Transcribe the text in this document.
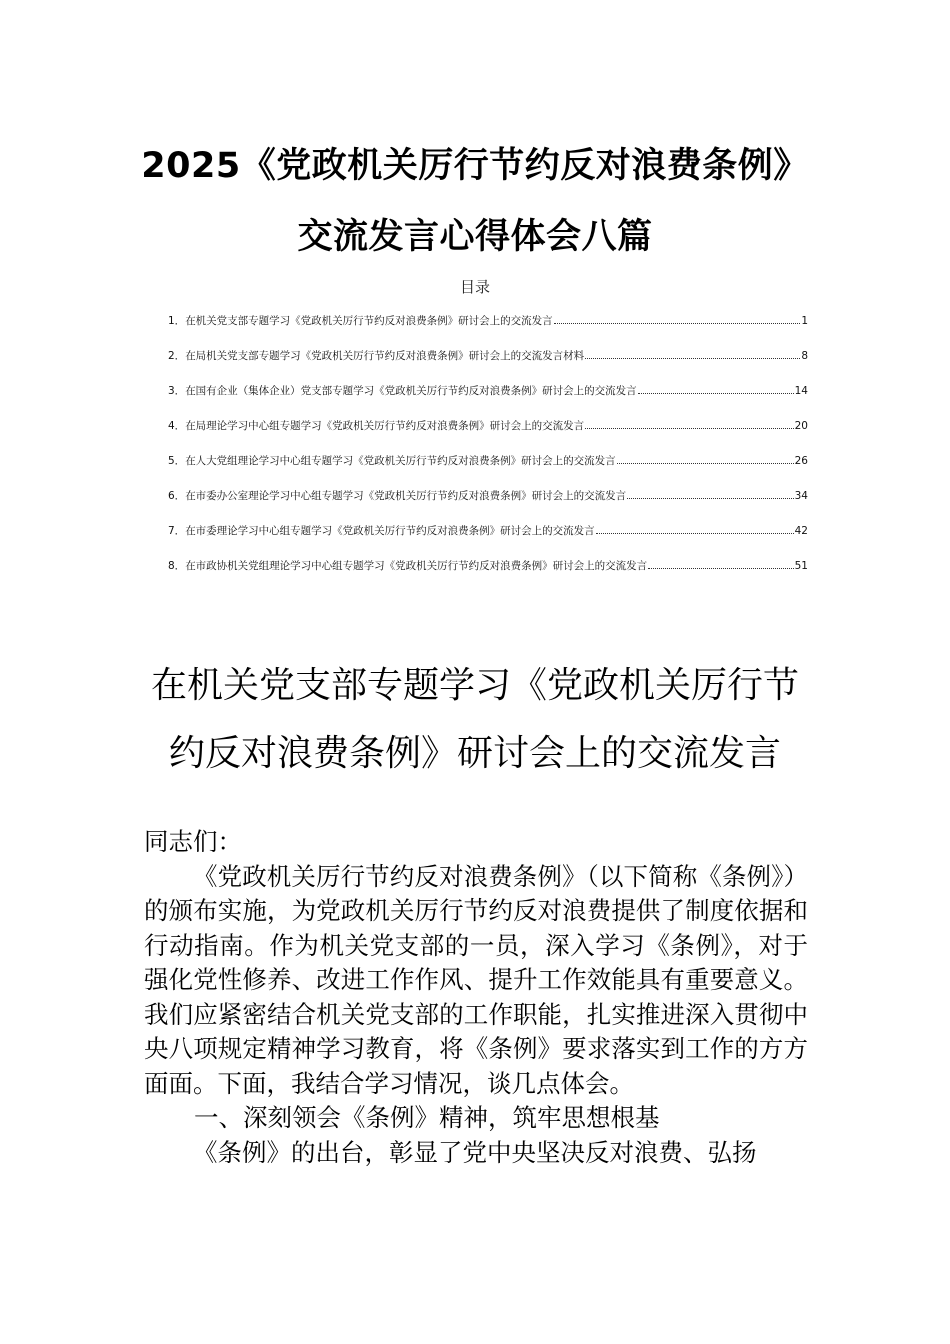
2025《党政机关厉行节约反对浪费条例》
交流发言心得体会八篇
目录
1． 在机关党支部专题学习《党政机关厉行节约反对浪费条例》研讨会上的交流发言	1
2． 在局机关党支部专题学习《党政机关厉行节约反对浪费条例》研讨会上的交流发言材料	8
3． 在国有企业（集体企业）党支部专题学习《党政机关厉行节约反对浪费条例》研讨会上的交流发言	14
4． 在局理论学习中心组专题学习《党政机关厉行节约反对浪费条例》研讨会上的交流发言	20
5． 在人大党组理论学习中心组专题学习《党政机关厉行节约反对浪费条例》研讨会上的交流发言	26
6． 在市委办公室理论学习中心组专题学习《党政机关厉行节约反对浪费条例》研讨会上的交流发言	34
7． 在市委理论学习中心组专题学习《党政机关厉行节约反对浪费条例》研讨会上的交流发言	42
8． 在市政协机关党组理论学习中心组专题学习《党政机关厉行节约反对浪费条例》研讨会上的交流发言	51
在机关党支部专题学习《党政机关厉行节
约反对浪费条例》研讨会上的交流发言

同志们：

《党政机关厉行节约反对浪费条例》（以下简称《条例》）的颁布实施，为党政机关厉行节约反对浪费提供了制度依据和行动指南。作为机关党支部的一员，深入学习《条例》，对于强化党性修养、改进工作作风、提升工作效能具有重要意义。我们应紧密结合机关党支部的工作职能，扎实推进深入贯彻中央八项规定精神学习教育，将《条例》要求落实到工作的方方面面。下面，我结合学习情况，谈几点体会。

一、深刻领会《条例》精神，筑牢思想根基

《条例》的出台，彰显了党中央坚决反对浪费、弘扬
